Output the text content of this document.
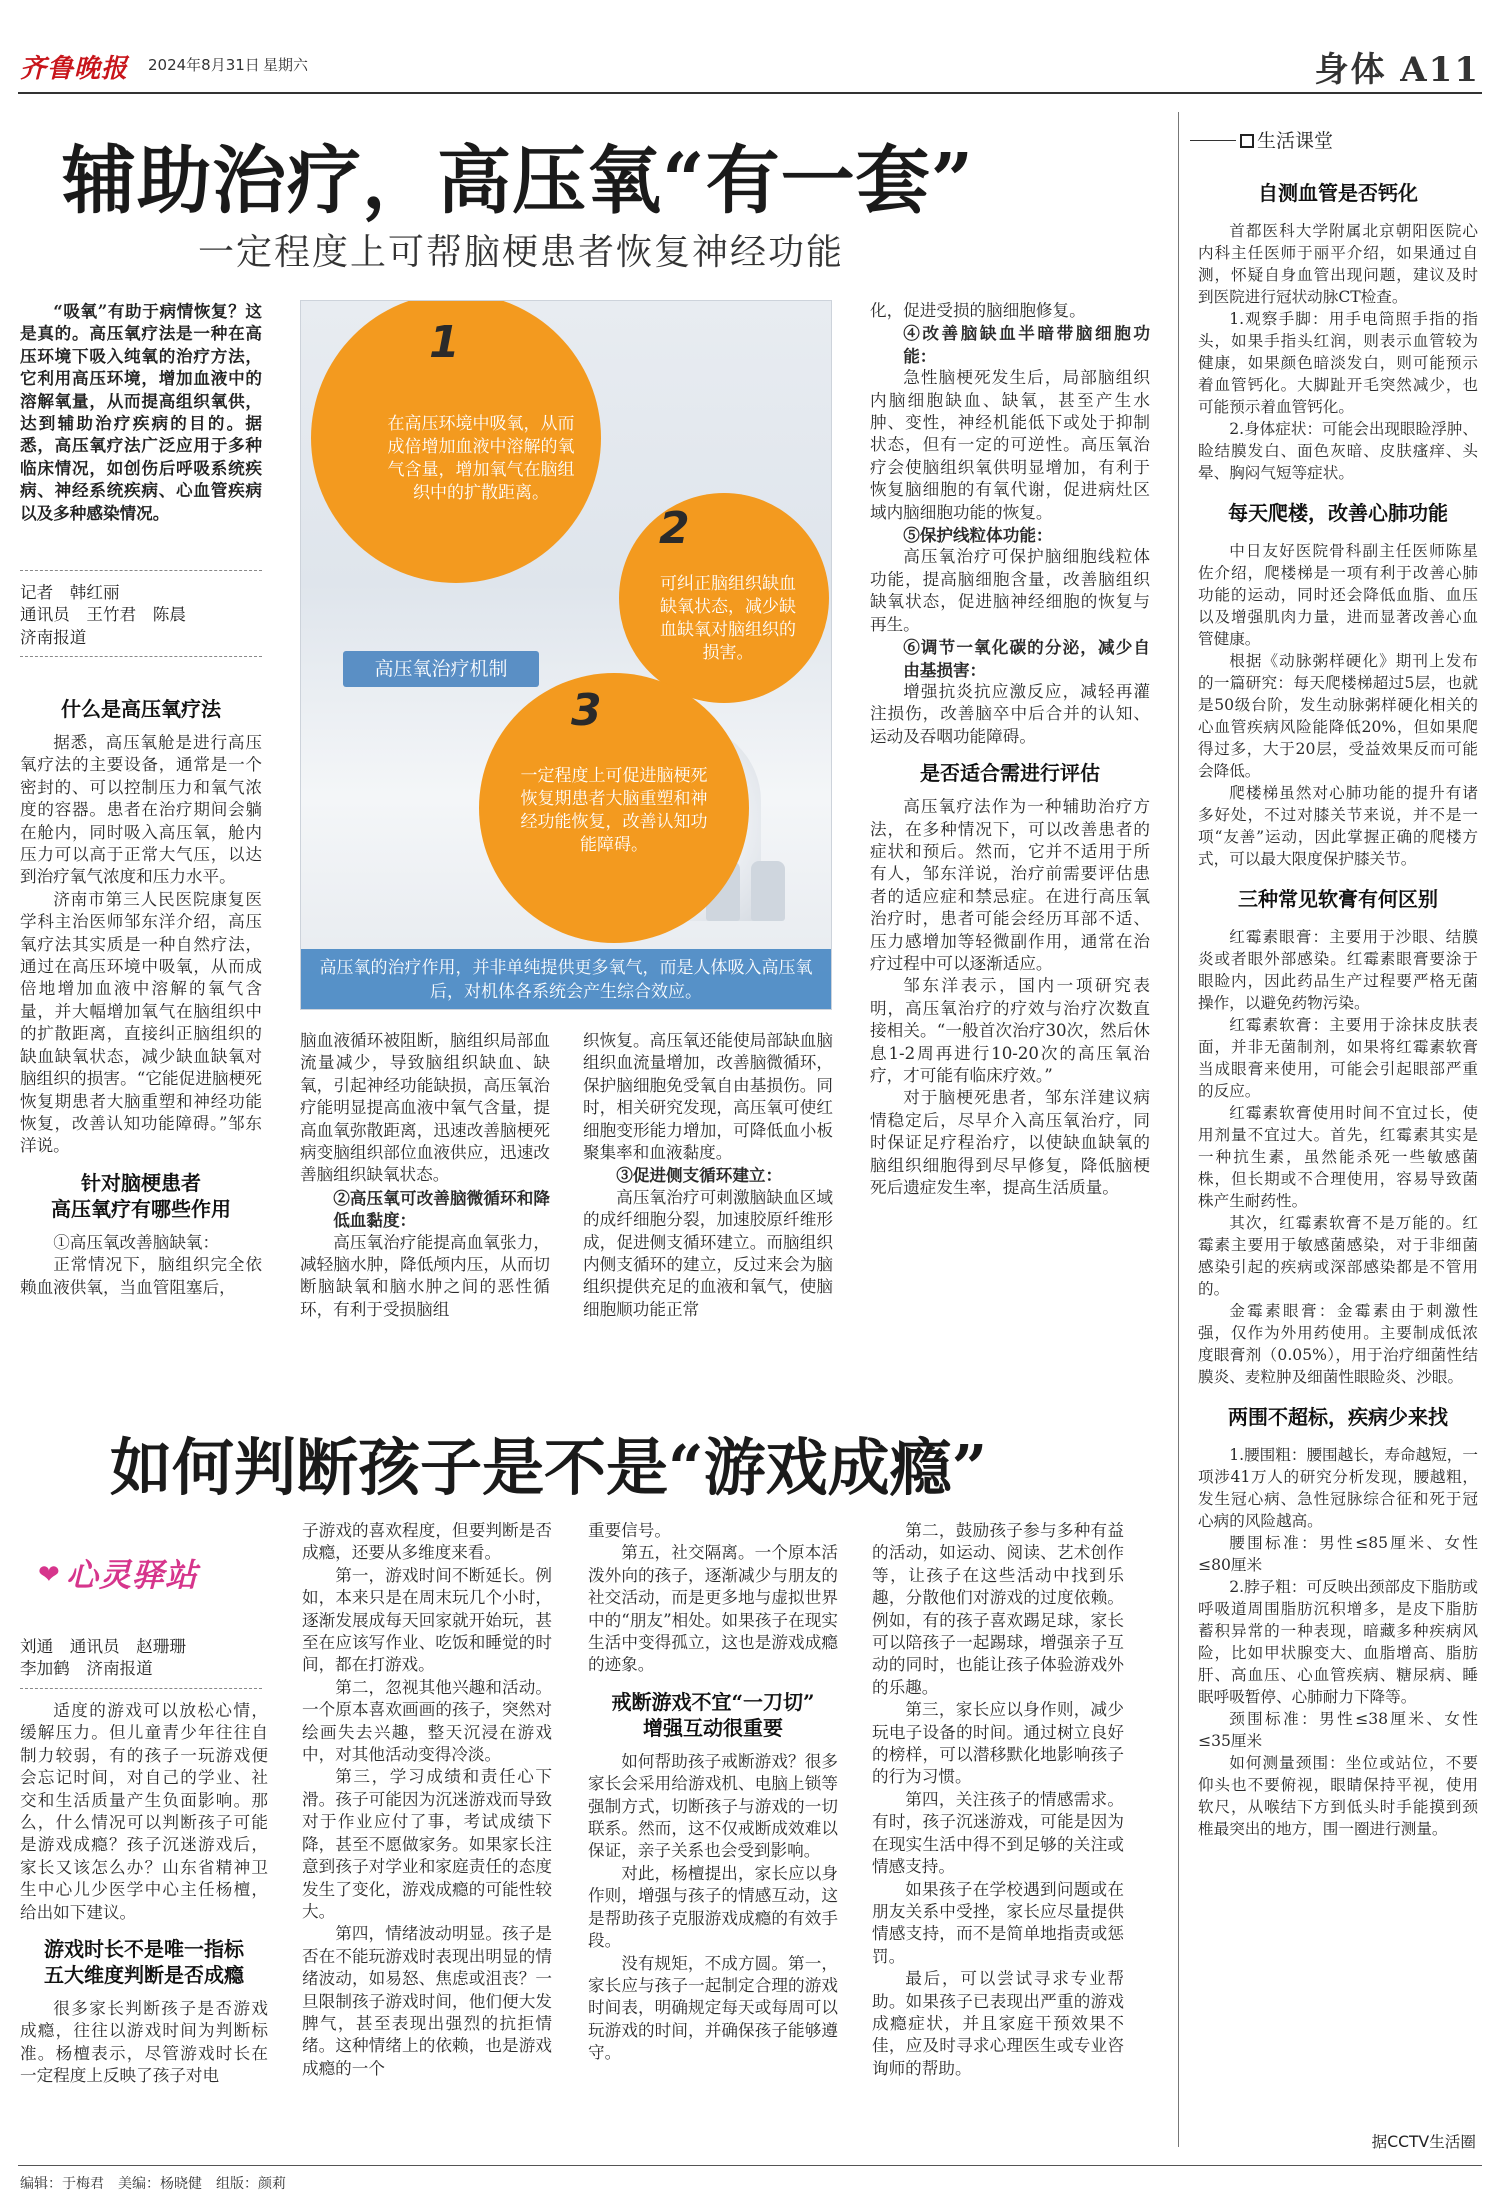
齐鲁晚报 2024年8月31日 星期六	身体 A11
辅助治疗，高压氧“有一套”
一定程度上可帮脑梗患者恢复神经功能

“吸氧”有助于病情恢复？这是真的。高压氧疗法是一种在高压环境下吸入纯氧的治疗方法，它利用高压环境，增加血液中的溶解氧量，从而提高组织氧供，达到辅助治疗疾病的目的。据悉，高压氧疗法广泛应用于多种临床情况，如创伤后呼吸系统疾病、神经系统疾病、心血管疾病以及多种感染情况。

记者　韩红丽
通讯员　王竹君　陈晨
济南报道
什么是高压氧疗法

据悉，高压氧舱是进行高压氧疗法的主要设备，通常是一个密封的、可以控制压力和氧气浓度的容器。患者在治疗期间会躺在舱内，同时吸入高压氧，舱内压力可以高于正常大气压，以达到治疗氧气浓度和压力水平。

济南市第三人民医院康复医学科主治医师邹东洋介绍，高压氧疗法其实质是一种自然疗法，通过在高压环境中吸氧，从而成倍地增加血液中溶解的氧气含量，并大幅增加氧气在脑组织中的扩散距离，直接纠正脑组织的缺血缺氧状态，减少缺血缺氧对脑组织的损害。“它能促进脑梗死恢复期患者大脑重塑和神经功能恢复，改善认知功能障碍。”邹东洋说。

针对脑梗患者
高压氧疗有哪些作用

①高压氧改善脑缺氧：

正常情况下，脑组织完全依赖血液供氧，当血管阻塞后，

1
在高压环境中吸氧，从而成倍增加血液中溶解的氧气含量，增加氧气在脑组织中的扩散距离。
2
可纠正脑组织缺血缺氧状态，减少缺血缺氧对脑组织的损害。
3
一定程度上可促进脑梗死恢复期患者大脑重塑和神经功能恢复，改善认知功能障碍。
高压氧治疗机制
高压氧的治疗作用，并非单纯提供更多氧气，而是人体吸入高压氧后，对机体各系统会产生综合效应。

脑血液循环被阻断，脑组织局部血流量减少，导致脑组织缺血、缺氧，引起神经功能缺损，高压氧治疗能明显提高血液中氧气含量，提高血氧弥散距离，迅速改善脑梗死病变脑组织部位血液供应，迅速改善脑组织缺氧状态。

②高压氧可改善脑微循环和降低血黏度：

高压氧治疗能提高血氧张力，减轻脑水肿，降低颅内压，从而切断脑缺氧和脑水肿之间的恶性循环，有利于受损脑组

织恢复。高压氧还能使局部缺血脑组织血流量增加，改善脑微循环，保护脑细胞免受氧自由基损伤。同时，相关研究发现，高压氧可使红细胞变形能力增加，可降低血小板聚集率和血液黏度。

③促进侧支循环建立：

高压氧治疗可刺激脑缺血区域的成纤细胞分裂，加速胶原纤维形成，促进侧支循环建立。而脑组织内侧支循环的建立，反过来会为脑组织提供充足的血液和氧气，使脑细胞顺功能正常

化，促进受损的脑细胞修复。

④改善脑缺血半暗带脑细胞功能：

急性脑梗死发生后，局部脑组织内脑细胞缺血、缺氧，甚至产生水肿、变性，神经机能低下或处于抑制状态，但有一定的可逆性。高压氧治疗会使脑组织氧供明显增加，有利于恢复脑细胞的有氧代谢，促进病灶区域内脑细胞功能的恢复。

⑤保护线粒体功能：

高压氧治疗可保护脑细胞线粒体功能，提高脑细胞含量，改善脑组织缺氧状态，促进脑神经细胞的恢复与再生。

⑥调节一氧化碳的分泌，减少自由基损害：

增强抗炎抗应激反应，减轻再灌注损伤，改善脑卒中后合并的认知、运动及吞咽功能障碍。

是否适合需进行评估

高压氧疗法作为一种辅助治疗方法，在多种情况下，可以改善患者的症状和预后。然而，它并不适用于所有人，邹东洋说，治疗前需要评估患者的适应症和禁忌症。在进行高压氧治疗时，患者可能会经历耳部不适、压力感增加等轻微副作用，通常在治疗过程中可以逐渐适应。

邹东洋表示，国内一项研究表明，高压氧治疗的疗效与治疗次数直接相关。“一般首次治疗30次，然后休息1-2周再进行10-20次的高压氧治疗，才可能有临床疗效。”

对于脑梗死患者，邹东洋建议病情稳定后，尽早介入高压氧治疗，同时保证足疗程治疗，以使缺血缺氧的脑组织细胞得到尽早修复，降低脑梗死后遗症发生率，提高生活质量。

如何判断孩子是不是“游戏成瘾”
❤ 心灵驿站
刘通　通讯员　赵珊珊
李加鹤　济南报道

适度的游戏可以放松心情，缓解压力。但儿童青少年往往自制力较弱，有的孩子一玩游戏便会忘记时间，对自己的学业、社交和生活质量产生负面影响。那么，什么情况可以判断孩子可能是游戏成瘾？孩子沉迷游戏后，家长又该怎么办？山东省精神卫生中心儿少医学中心主任杨檀，给出如下建议。

游戏时长不是唯一指标
五大维度判断是否成瘾

很多家长判断孩子是否游戏成瘾，往往以游戏时间为判断标准。杨檀表示，尽管游戏时长在一定程度上反映了孩子对电

子游戏的喜欢程度，但要判断是否成瘾，还要从多维度来看。

第一，游戏时间不断延长。例如，本来只是在周末玩几个小时，逐渐发展成每天回家就开始玩，甚至在应该写作业、吃饭和睡觉的时间，都在打游戏。

第二，忽视其他兴趣和活动。一个原本喜欢画画的孩子，突然对绘画失去兴趣，整天沉浸在游戏中，对其他活动变得冷淡。

第三，学习成绩和责任心下滑。孩子可能因为沉迷游戏而导致对于作业应付了事，考试成绩下降，甚至不愿做家务。如果家长注意到孩子对学业和家庭责任的态度发生了变化，游戏成瘾的可能性较大。

第四，情绪波动明显。孩子是否在不能玩游戏时表现出明显的情绪波动，如易怒、焦虑或沮丧？一旦限制孩子游戏时间，他们便大发脾气，甚至表现出强烈的抗拒情绪。这种情绪上的依赖，也是游戏成瘾的一个

重要信号。

第五，社交隔离。一个原本活泼外向的孩子，逐渐减少与朋友的社交活动，而是更多地与虚拟世界中的“朋友”相处。如果孩子在现实生活中变得孤立，这也是游戏成瘾的迹象。

戒断游戏不宜“一刀切”
增强互动很重要

如何帮助孩子戒断游戏？很多家长会采用给游戏机、电脑上锁等强制方式，切断孩子与游戏的一切联系。然而，这不仅戒断成效难以保证，亲子关系也会受到影响。

对此，杨檀提出，家长应以身作则，增强与孩子的情感互动，这是帮助孩子克服游戏成瘾的有效手段。

没有规矩，不成方圆。第一，家长应与孩子一起制定合理的游戏时间表，明确规定每天或每周可以玩游戏的时间，并确保孩子能够遵守。

第二，鼓励孩子参与多种有益的活动，如运动、阅读、艺术创作等，让孩子在这些活动中找到乐趣，分散他们对游戏的过度依赖。例如，有的孩子喜欢踢足球，家长可以陪孩子一起踢球，增强亲子互动的同时，也能让孩子体验游戏外的乐趣。

第三，家长应以身作则，减少玩电子设备的时间。通过树立良好的榜样，可以潜移默化地影响孩子的行为习惯。

第四，关注孩子的情感需求。有时，孩子沉迷游戏，可能是因为在现实生活中得不到足够的关注或情感支持。

如果孩子在学校遇到问题或在朋友关系中受挫，家长应尽量提供情感支持，而不是简单地指责或惩罚。

最后，可以尝试寻求专业帮助。如果孩子已表现出严重的游戏成瘾症状，并且家庭干预效果不佳，应及时寻求心理医生或专业咨询师的帮助。

生活课堂
自测血管是否钙化

首都医科大学附属北京朝阳医院心内科主任医师于丽平介绍，如果通过自测，怀疑自身血管出现问题，建议及时到医院进行冠状动脉CT检查。

1.观察手脚：用手电筒照手指的指头，如果手指头红润，则表示血管较为健康，如果颜色暗淡发白，则可能预示着血管钙化。大脚趾开毛突然减少，也可能预示着血管钙化。

2.身体症状：可能会出现眼睑浮肿、睑结膜发白、面色灰暗、皮肤瘙痒、头晕、胸闷气短等症状。

每天爬楼，改善心肺功能

中日友好医院骨科副主任医师陈星佐介绍，爬楼梯是一项有利于改善心肺功能的运动，同时还会降低血脂、血压以及增强肌肉力量，进而显著改善心血管健康。

根据《动脉粥样硬化》期刊上发布的一篇研究：每天爬楼梯超过5层，也就是50级台阶，发生动脉粥样硬化相关的心血管疾病风险能降低20%，但如果爬得过多，大于20层，受益效果反而可能会降低。

爬楼梯虽然对心肺功能的提升有诸多好处，不过对膝关节来说，并不是一项“友善”运动，因此掌握正确的爬楼方式，可以最大限度保护膝关节。

三种常见软膏有何区别

红霉素眼膏：主要用于沙眼、结膜炎或者眼外部感染。红霉素眼膏要涂于眼睑内，因此药品生产过程要严格无菌操作，以避免药物污染。

红霉素软膏：主要用于涂抹皮肤表面，并非无菌制剂，如果将红霉素软膏当成眼膏来使用，可能会引起眼部严重的反应。

红霉素软膏使用时间不宜过长，使用剂量不宜过大。首先，红霉素其实是一种抗生素，虽然能杀死一些敏感菌株，但长期或不合理使用，容易导致菌株产生耐药性。

其次，红霉素软膏不是万能的。红霉素主要用于敏感菌感染，对于非细菌感染引起的疾病或深部感染都是不管用的。

金霉素眼膏：金霉素由于刺激性强，仅作为外用药使用。主要制成低浓度眼膏剂（0.05%），用于治疗细菌性结膜炎、麦粒肿及细菌性眼睑炎、沙眼。

两围不超标，疾病少来找

1.腰围粗：腰围越长，寿命越短，一项涉41万人的研究分析发现，腰越粗，发生冠心病、急性冠脉综合征和死于冠心病的风险越高。

腰围标准：男性≤85厘米、女性≤80厘米

2.脖子粗：可反映出颈部皮下脂肪或呼吸道周围脂肪沉积增多，是皮下脂肪蓄积异常的一种表现，暗藏多种疾病风险，比如甲状腺变大、血脂增高、脂肪肝、高血压、心血管疾病、糖尿病、睡眠呼吸暂停、心肺耐力下降等。

颈围标准：男性≤38厘米、女性≤35厘米

如何测量颈围：坐位或站位，不要仰头也不要俯视，眼睛保持平视，使用软尺，从喉结下方到低头时手能摸到颈椎最突出的地方，围一圈进行测量。

据CCTV生活圈
编辑：于梅君　美编：杨晓健　组版：颜莉
